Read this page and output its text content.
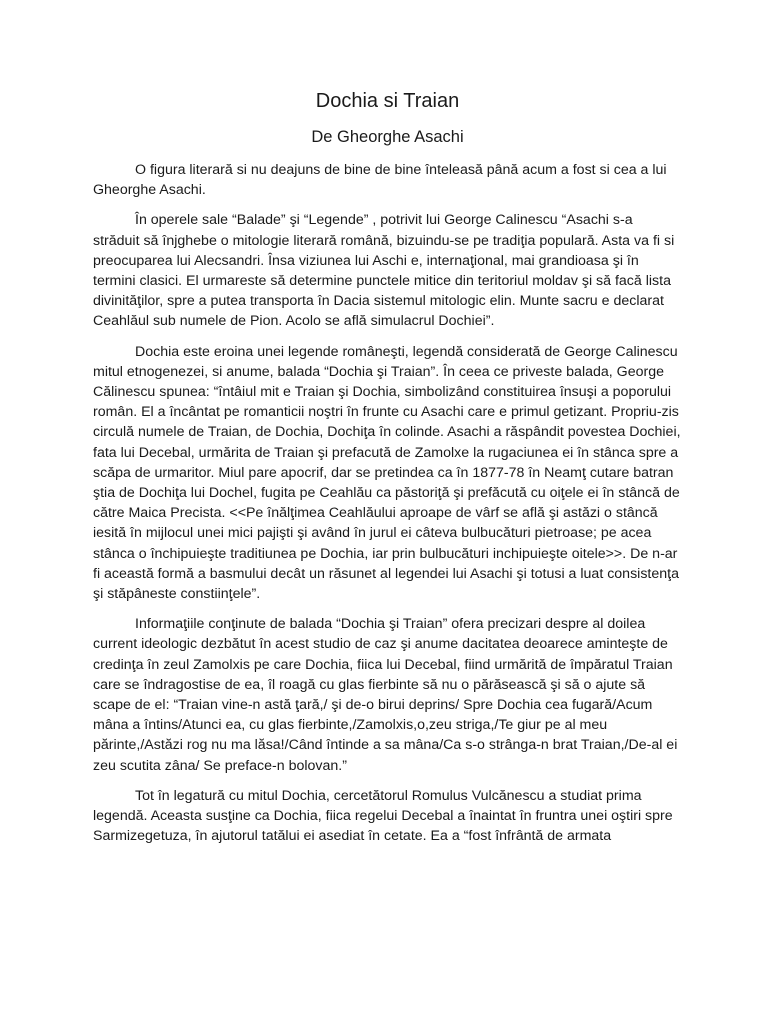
Dochia si Traian
De Gheorghe Asachi

O figura literară si nu deajuns de bine de bine înteleasă până acum a fost si cea a lui Gheorghe Asachi.

În operele sale “Balade” şi “Legende” , potrivit lui George Calinescu “Asachi s-a străduit să înjghebe o mitologie literară română, bizuindu-se pe tradiţia populară. Asta va fi si preocuparea lui Alecsandri. Însa viziunea lui Aschi e, internaţional, mai grandioasa şi în termini clasici. El urmareste să determine punctele mitice din teritoriul moldav şi să facă lista divinităţilor, spre a putea transporta în Dacia sistemul mitologic elin. Munte sacru e declarat Ceahlăul sub numele de Pion. Acolo se află simulacrul Dochiei”.

Dochia este eroina unei legende româneşti, legendă considerată de George Calinescu mitul etnogenezei, si anume, balada “Dochia şi Traian”. În ceea ce priveste balada, George Călinescu spunea: “întâiul mit e Traian şi Dochia, simbolizând constituirea însuşi a poporului român. El a încântat pe romanticii noştri în frunte cu Asachi care e primul getizant. Propriu-zis circulă numele de Traian, de Dochia, Dochiţa în colinde. Asachi a răspândit povestea Dochiei, fata lui Decebal, urmărita de Traian şi prefacută de Zamolxe la rugaciunea ei în stânca spre a scăpa de urmaritor. Miul pare apocrif, dar se pretindea ca în 1877-78 în Neamţ cutare batran ştia de Dochiţa lui Dochel, fugita pe Ceahlău ca păstoriţă şi prefăcută cu oiţele ei în stâncă de către Maica Precista. <<Pe înălţimea Ceahlăului aproape de vârf se află şi astăzi o stâncă iesită în mijlocul unei mici pajişti şi având în jurul ei câteva bulbucături pietroase; pe acea stânca o închipuieşte traditiunea pe Dochia, iar prin bulbucături inchipuieşte oitele>>. De n-ar fi această formă a basmului decât un răsunet al legendei lui Asachi şi totusi a luat consistenţa şi stăpâneste constiinţele”.

Informaţiile conţinute de balada “Dochia şi Traian” ofera precizari despre al doilea current ideologic dezbătut în acest studio de caz şi anume dacitatea deoarece aminteşte de credinţa în zeul Zamolxis pe care Dochia, fiica lui Decebal, fiind urmărită de împăratul Traian care se îndragostise de ea, îl roagă cu glas fierbinte să nu o părăsească şi să o ajute să scape de el: “Traian vine-n astă ţară,/ şi de-o birui deprins/ Spre Dochia cea fugară/Acum mâna a întins/Atunci ea, cu glas fierbinte,/Zamolxis,o,zeu striga,/Te giur pe al meu pӑrinte,/Astӑzi rog nu ma lӑsa!/Când întinde a sa mâna/Ca s-o strânga-n brat Traian,/De-al ei zeu scutita zâna/ Se preface-n bolovan.”

Tot în legatură cu mitul Dochia, cercetătorul Romulus Vulcănescu a studiat prima legendă. Aceasta susţine ca Dochia, fiica regelui Decebal a înaintat în fruntra unei oştiri spre Sarmizegetuza, în ajutorul tatălui ei asediat în cetate. Ea a “fost înfrântă de armata
